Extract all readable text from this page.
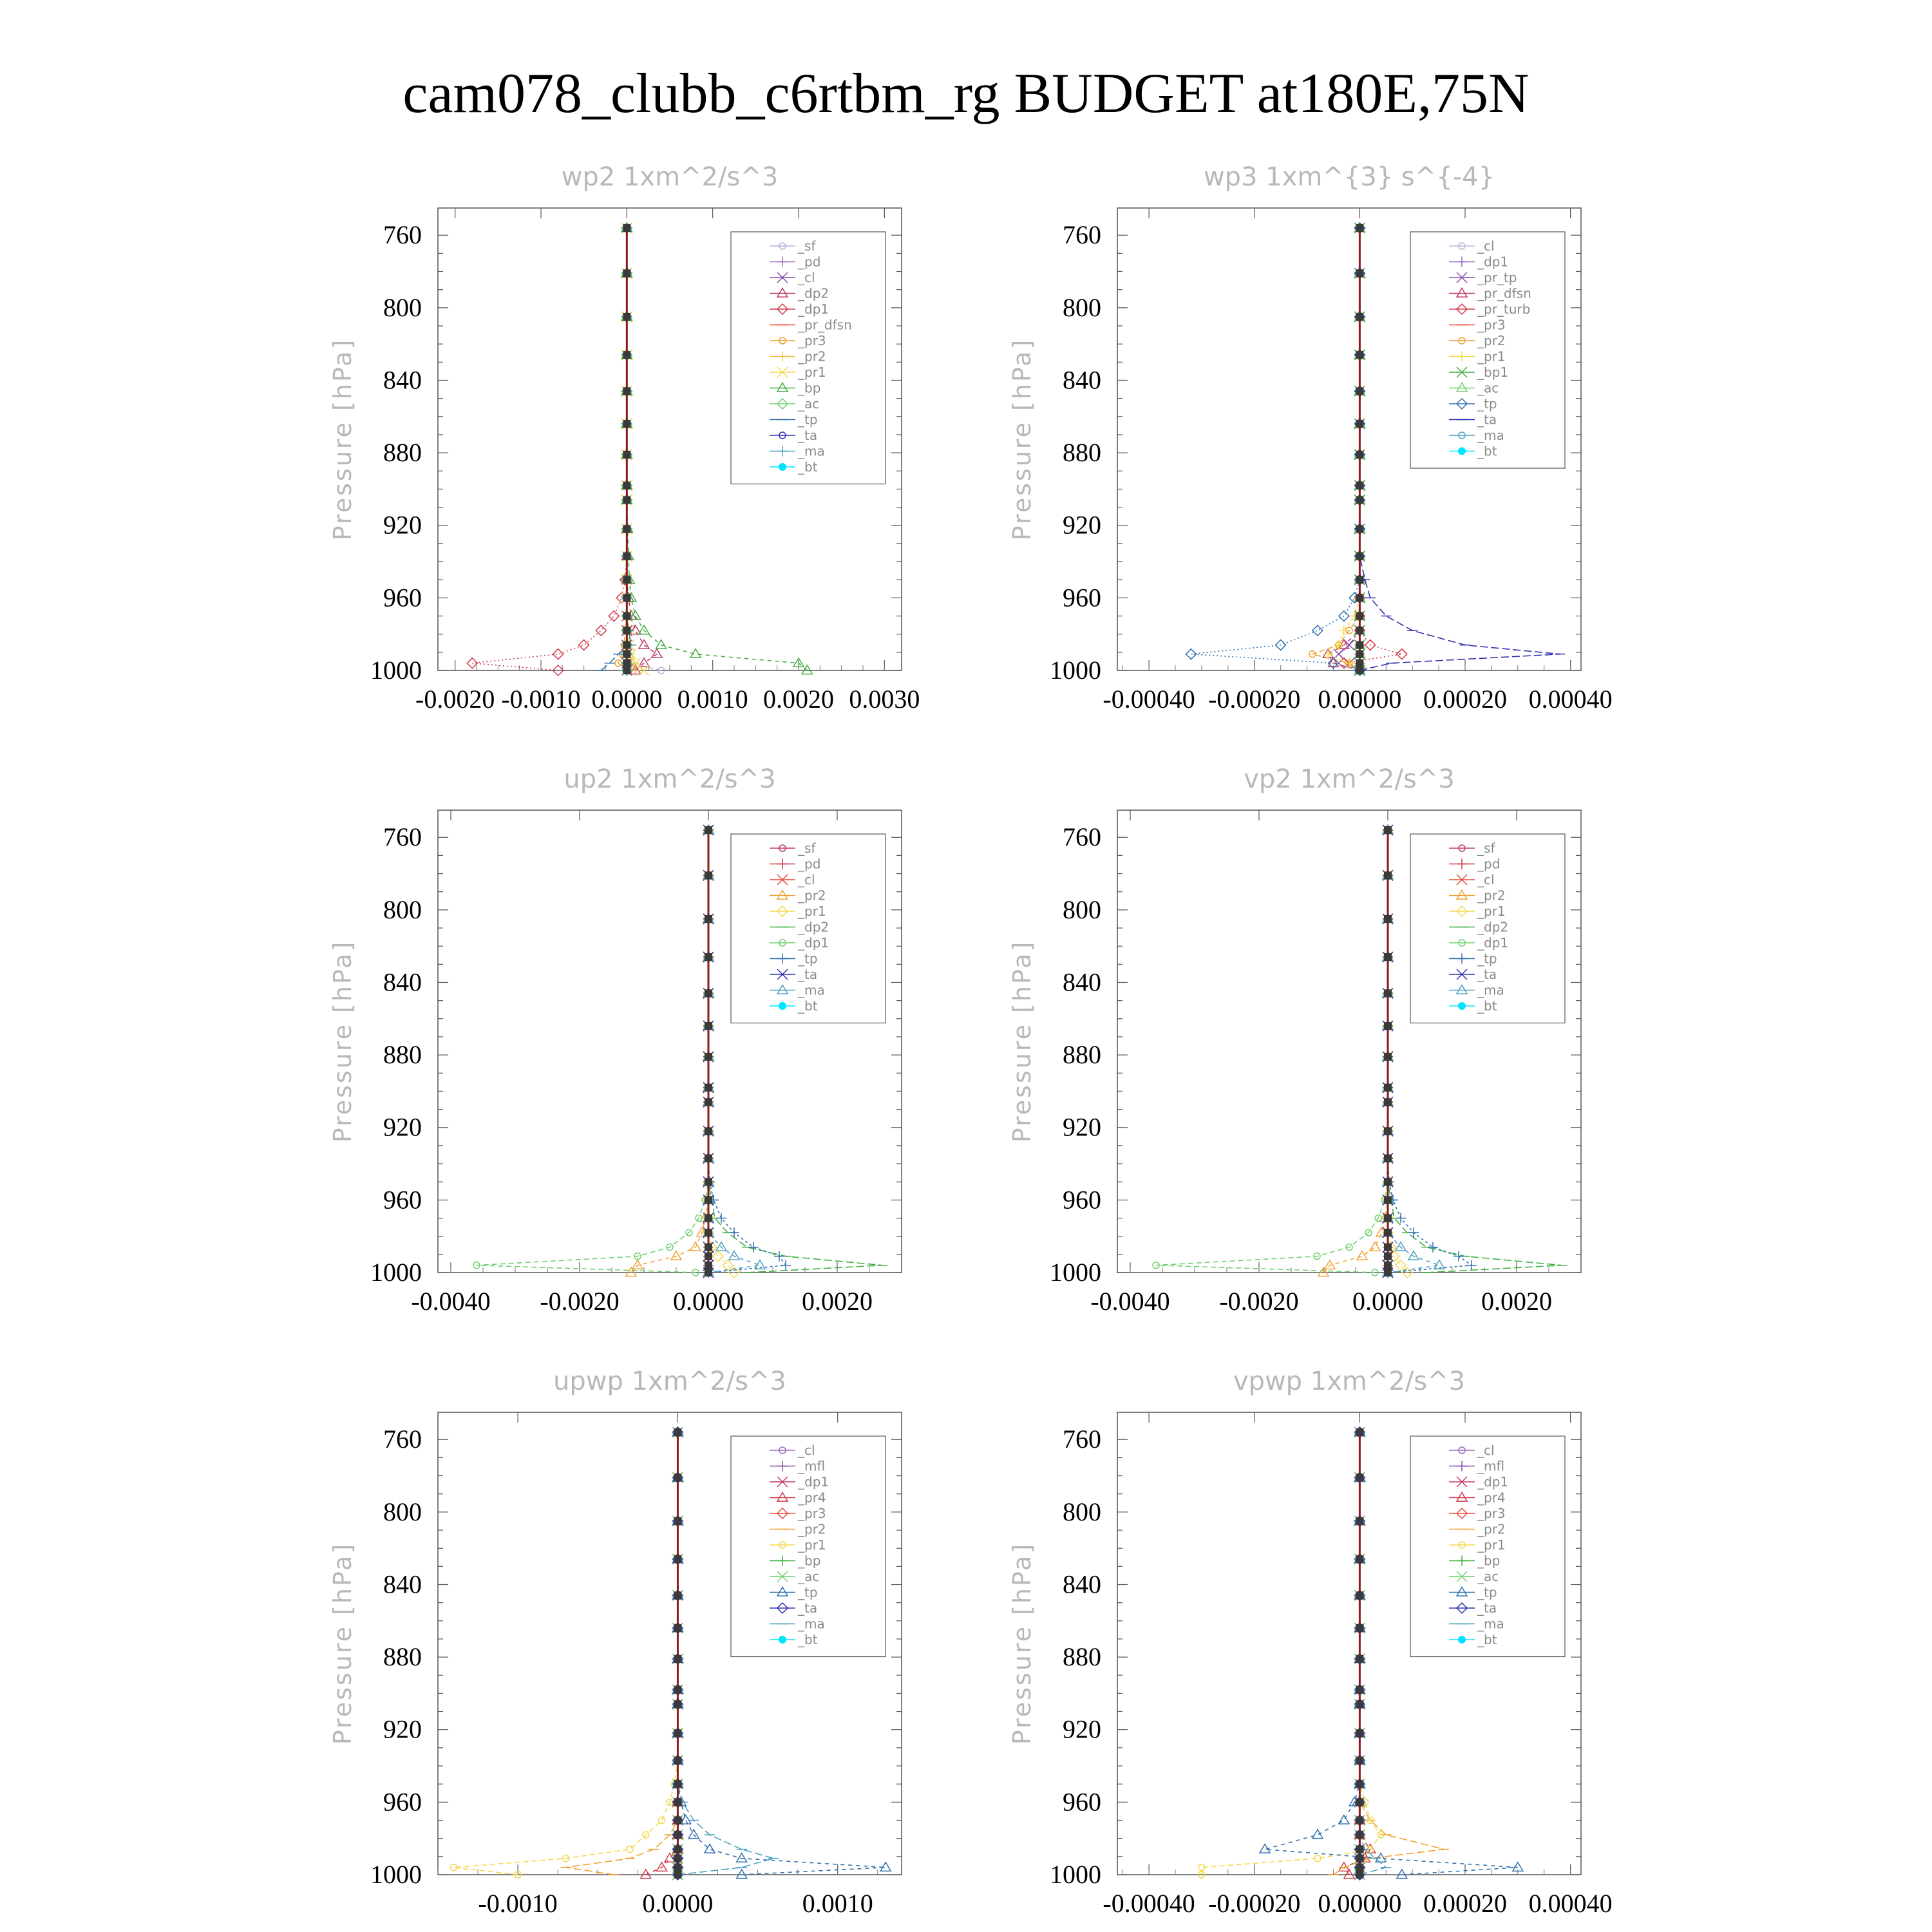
cam078_clubb_c6rtbm_rg BUDGET at180E,75N
wp2 1xm^2/s^3
Pressure [hPa]
760
800
840
880
920
960
1000
-0.0020 -0.0010 0.0000 0.0010 0.0020 0.0030
_sf
_pd
_cl
_dp2
_dp1
_pr_dfsn
_pr3
_pr2
_pr1
_bp
_ac
_tp
_ta
_ma
_bt
wp3 1xm^{3} s^{-4}
Pressure [hPa]
760
800
840
880
920
960
1000
-0.00040 -0.00020 0.00000 0.00020 0.00040
_cl
_dp1
_pr_tp
_pr_dfsn
_pr_turb
_pr3
_pr2
_pr1
_bp1
_ac
_tp
_ta
_ma
_bt
up2 1xm^2/s^3
Pressure [hPa]
760
800
840
880
920
960
1000
-0.0040 -0.0020 0.0000 0.0020
_sf
_pd
_cl
_pr2
_pr1
_dp2
_dp1
_tp
_ta
_ma
_bt
vp2 1xm^2/s^3
Pressure [hPa]
760
800
840
880
920
960
1000
-0.0040 -0.0020 0.0000 0.0020
_sf
_pd
_cl
_pr2
_pr1
_dp2
_dp1
_tp
_ta
_ma
_bt
upwp 1xm^2/s^3
Pressure [hPa]
760
800
840
880
920
960
1000
-0.0010	0.0000	0.0010
_cl
_mfl
_dp1
_pr4
_pr3
_pr2
_pr1
_bp
_ac
_tp
_ta
_ma
_bt
vpwp 1xm^2/s^3
Pressure [hPa]
760
800
840
880
920
960
1000
-0.00040 -0.00020 0.00000 0.00020 0.00040
_cl
_mfl
_dp1
_pr4
_pr3
_pr2
_pr1
_bp
_ac
_tp
_ta
_ma
_bt
